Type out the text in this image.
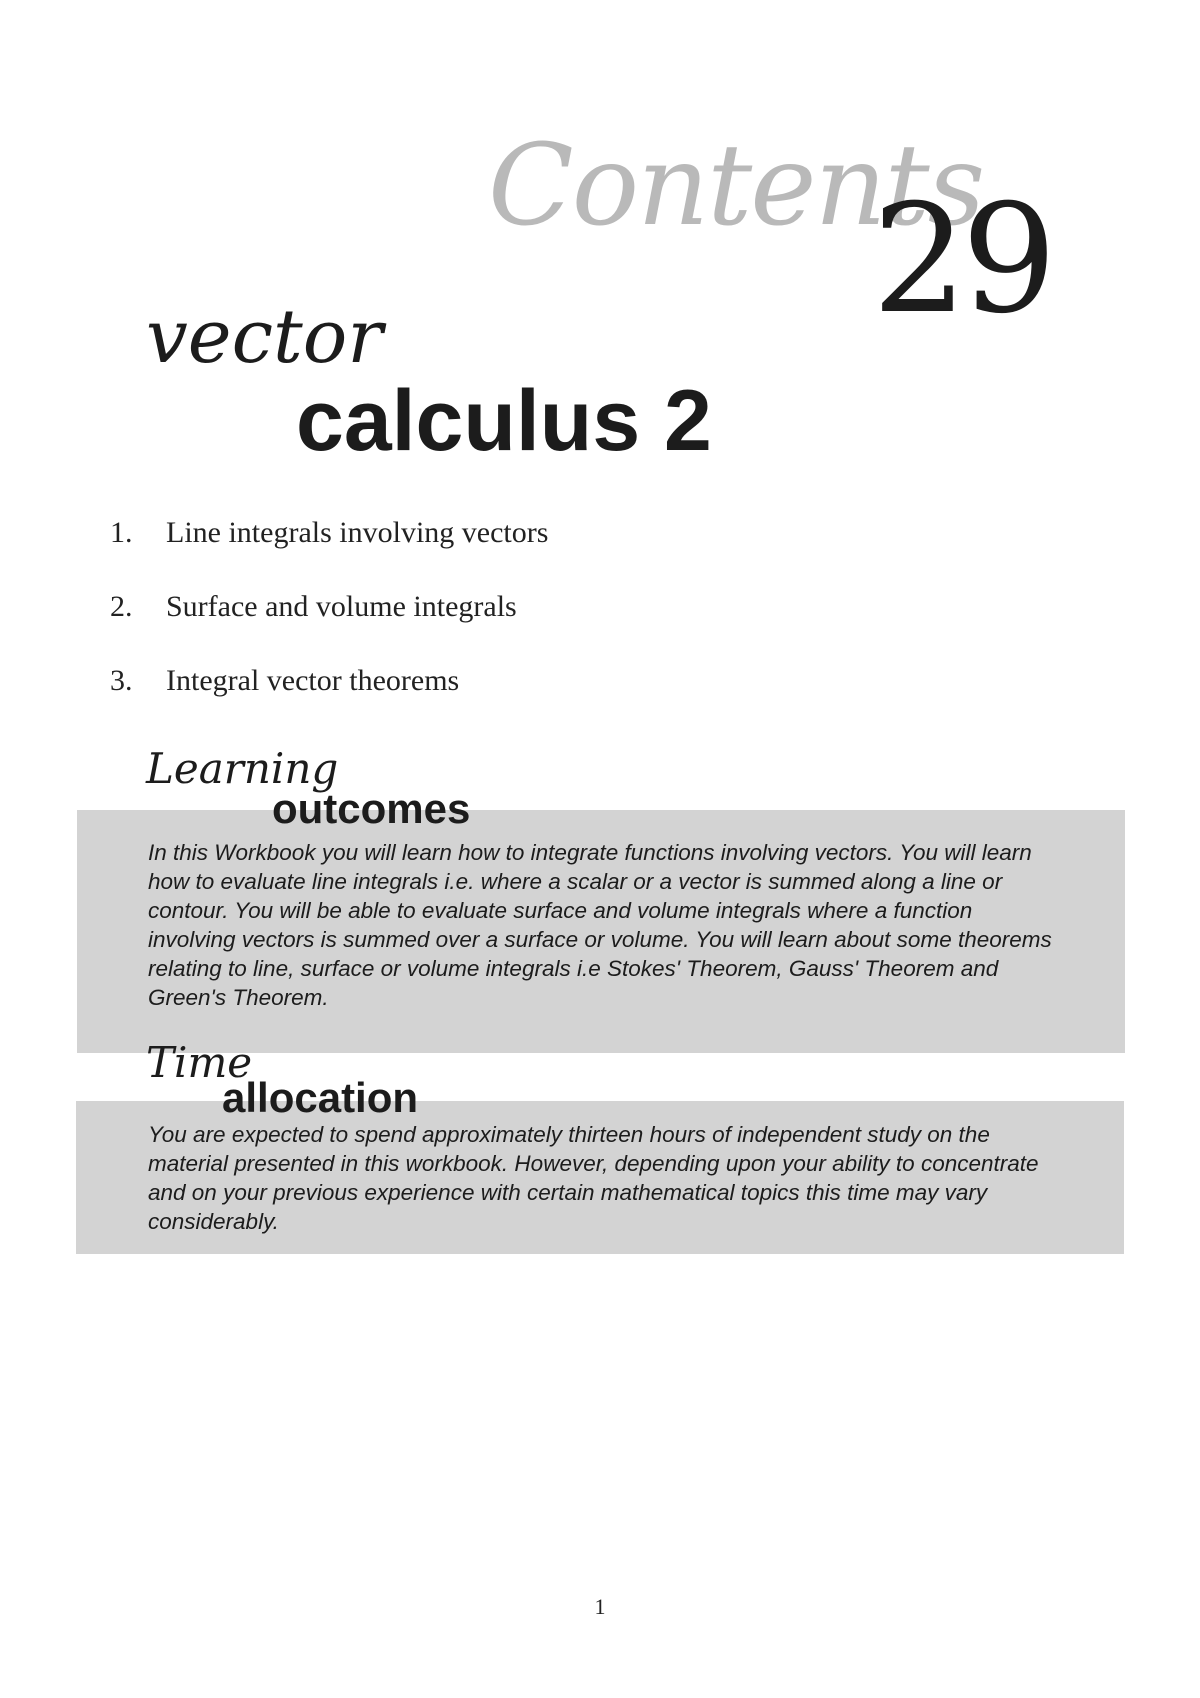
Contents
29
vector
calculus 2
1. Line integrals involving vectors
2. Surface and volume integrals
3. Integral vector theorems
Learning
outcomes

In this Workbook you will learn how to integrate functions involving vectors. You will learn

how to evaluate line integrals i.e. where a scalar or a vector is summed along a line or

contour. You will be able to evaluate surface and volume integrals where a function

involving vectors is summed over a surface or volume. You will learn about some theorems

relating to line, surface or volume integrals i.e Stokes' Theorem, Gauss' Theorem and

Green's Theorem.

Time
allocation

You are expected to spend approximately thirteen hours of independent study on the

material presented in this workbook. However, depending upon your ability to concentrate

and on your previous experience with certain mathematical topics this time may vary

considerably.

1
